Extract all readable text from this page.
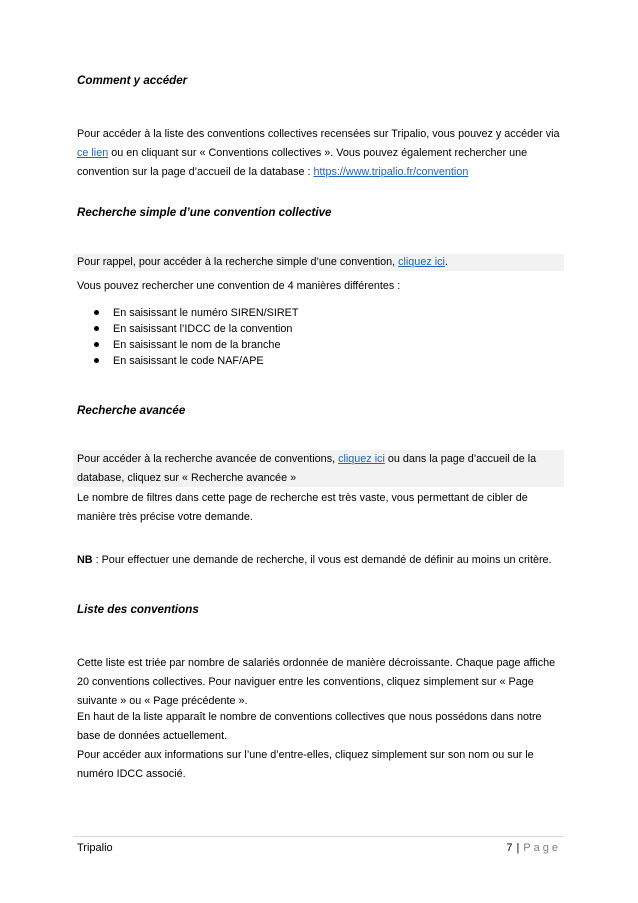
Comment y accéder

Pour accéder à la liste des conventions collectives recensées sur Tripalio, vous pouvez y accéder via ce lien ou en cliquant sur « Conventions collectives ». Vous pouvez également rechercher une convention sur la page d’accueil de la database : https://www.tripalio.fr/convention

Recherche simple d’une convention collective

Pour rappel, pour accéder à la recherche simple d’une convention, cliquez ici.

Vous pouvez rechercher une convention de 4 manières différentes :

En saisissant le numéro SIREN/SIRET
En saisissant l’IDCC de la convention
En saisissant le nom de la branche
En saisissant le code NAF/APE

Recherche avancée

Pour accéder à la recherche avancée de conventions, cliquez ici ou dans la page d’accueil de la database, cliquez sur « Recherche avancée »

Le nombre de filtres dans cette page de recherche est très vaste, vous permettant de cibler de manière très précise votre demande.

NB : Pour effectuer une demande de recherche, il vous est demandé de définir au moins un critère.

Liste des conventions

Cette liste est triée par nombre de salariés ordonnée de manière décroissante. Chaque page affiche 20 conventions collectives. Pour naviguer entre les conventions, cliquez simplement sur « Page suivante » ou « Page précédente ».

En haut de la liste apparaît le nombre de conventions collectives que nous possédons dans notre base de données actuellement.

Pour accéder aux informations sur l’une d’entre-elles, cliquez simplement sur son nom ou sur le numéro IDCC associé.

Tripalio	7 | Page
